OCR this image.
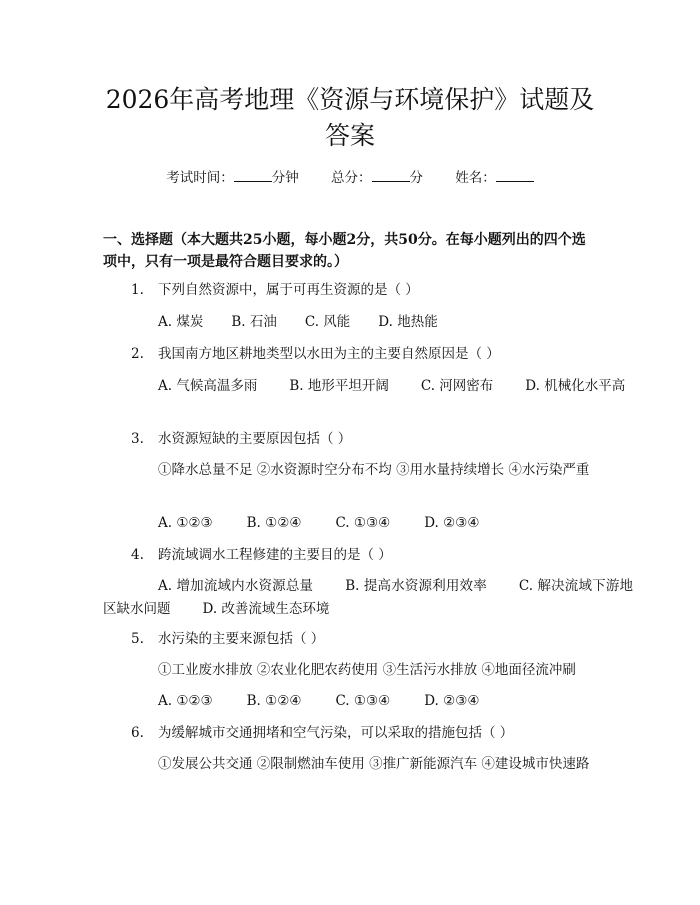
2026年高考地理《资源与环境保护》试题及
答案
考试时间：	分钟 总分：	分 姓名：
一、选择题（本大题共25小题，每小题2分，共50分。在每小题列出的四个选
项中，只有一项是最符合题目要求的。）
1.	下列自然资源中，属于可再生资源的是（ ）
A. 煤炭 B. 石油 C. 风能 D. 地热能
2.	我国南方地区耕地类型以水田为主的主要自然原因是（ ）
A. 气候高温多雨 B. 地形平坦开阔 C. 河网密布 D. 机械化水平高
3.	水资源短缺的主要原因包括（ ）
①降水总量不足 ②水资源时空分布不均 ③用水量持续增长 ④水污染严重
A. ①②③	B. ①②④	C. ①③④	D. ②③④
4.	跨流域调水工程修建的主要目的是（ ）
A. 增加流域内水资源总量 B. 提高水资源利用效率 C. 解决流域下游地区缺水问题 D. 改善流域生态环境
5.	水污染的主要来源包括（ ）
①工业废水排放 ②农业化肥农药使用 ③生活污水排放 ④地面径流冲刷
A. ①②③	B. ①②④	C. ①③④	D. ②③④
6.	为缓解城市交通拥堵和空气污染，可以采取的措施包括（ ）
①发展公共交通 ②限制燃油车使用 ③推广新能源汽车 ④建设城市快速路
